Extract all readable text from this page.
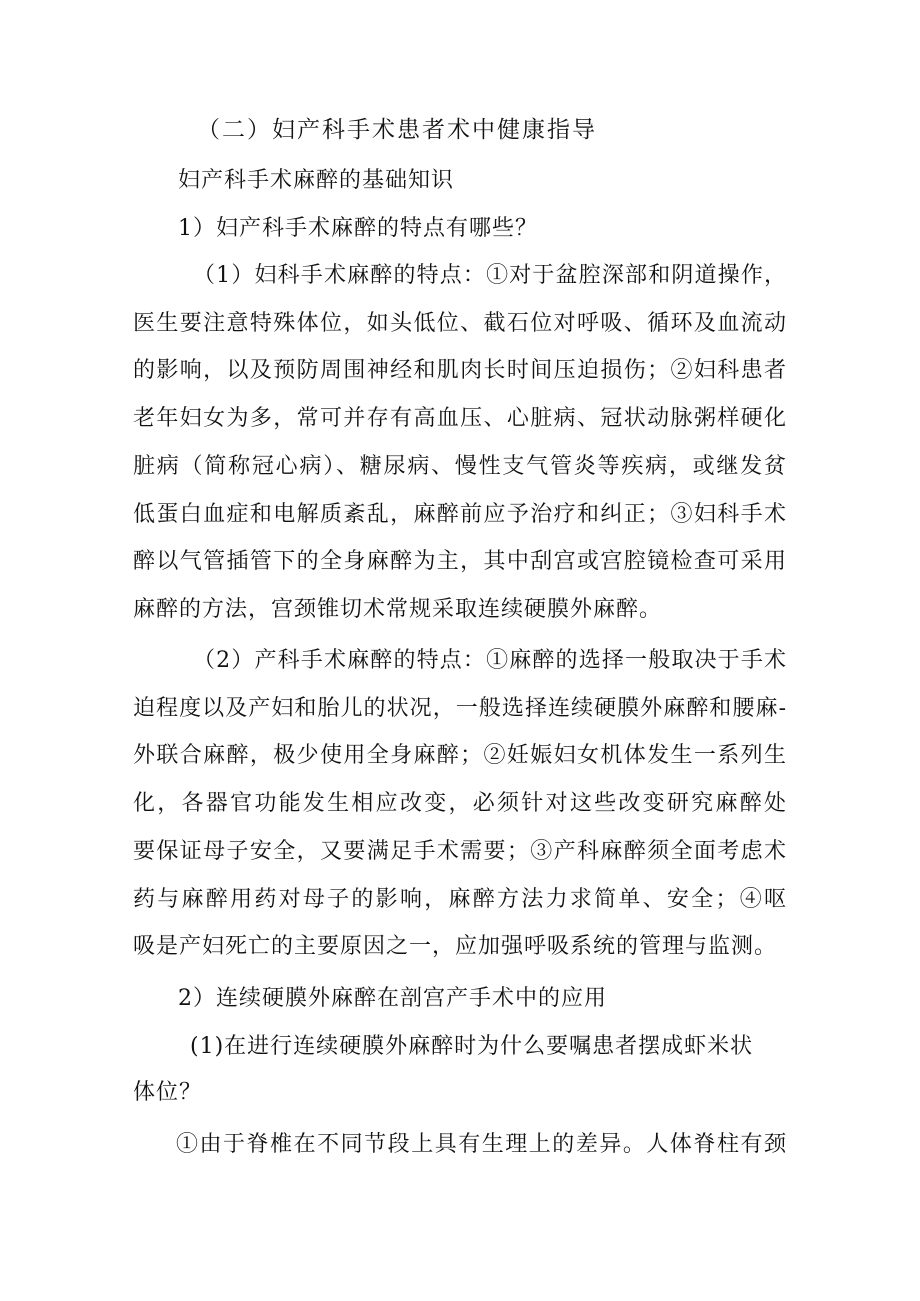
（二）妇产科手术患者术中健康指导
妇产科手术麻醉的基础知识
1）妇产科手术麻醉的特点有哪些？
（1）妇科手术麻醉的特点：①对于盆腔深部和阴道操作，
医生要注意特殊体位，如头低位、截石位对呼吸、循环及血流动
的影响，以及预防周围神经和肌肉长时间压迫损伤；②妇科患者
老年妇女为多，常可并存有高血压、心脏病、冠状动脉粥样硬化
脏病（简称冠心病）、糖尿病、慢性支气管炎等疾病，或继发贫
低蛋白血症和电解质紊乱，麻醉前应予治疗和纠正；③妇科手术
醉以气管插管下的全身麻醉为主，其中刮宫或宫腔镜检查可采用
麻醉的方法，宫颈锥切术常规采取连续硬膜外麻醉。
（2）产科手术麻醉的特点：①麻醉的选择一般取决于手术
迫程度以及产妇和胎儿的状况，一般选择连续硬膜外麻醉和腰麻-
外联合麻醉，极少使用全身麻醉；②妊娠妇女机体发生一系列生
化，各器官功能发生相应改变，必须针对这些改变研究麻醉处
要保证母子安全，又要满足手术需要；③产科麻醉须全面考虑术
药与麻醉用药对母子的影响，麻醉方法力求简单、安全；④呕
吸是产妇死亡的主要原因之一，应加强呼吸系统的管理与监测。
2）连续硬膜外麻醉在剖宫产手术中的应用
(1)在进行连续硬膜外麻醉时为什么要嘱患者摆成虾米状
体位？
①由于脊椎在不同节段上具有生理上的差异。人体脊柱有颈
